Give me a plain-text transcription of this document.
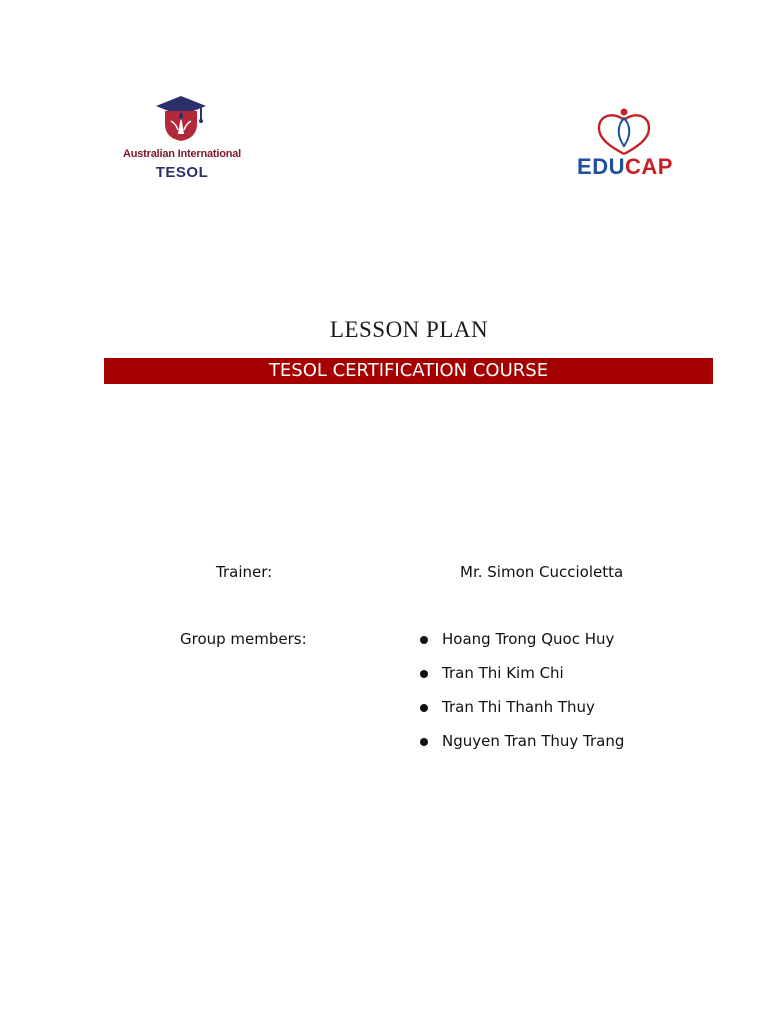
Australian International
TESOL	EDUCAP
LESSON PLAN
TESOL CERTIFICATION COURSE
Trainer:	Mr. Simon Cuccioletta
Group members:	Hoang Trong Quoc Huy
Tran Thi Kim Chi
Tran Thi Thanh Thuy
Nguyen Tran Thuy Trang
